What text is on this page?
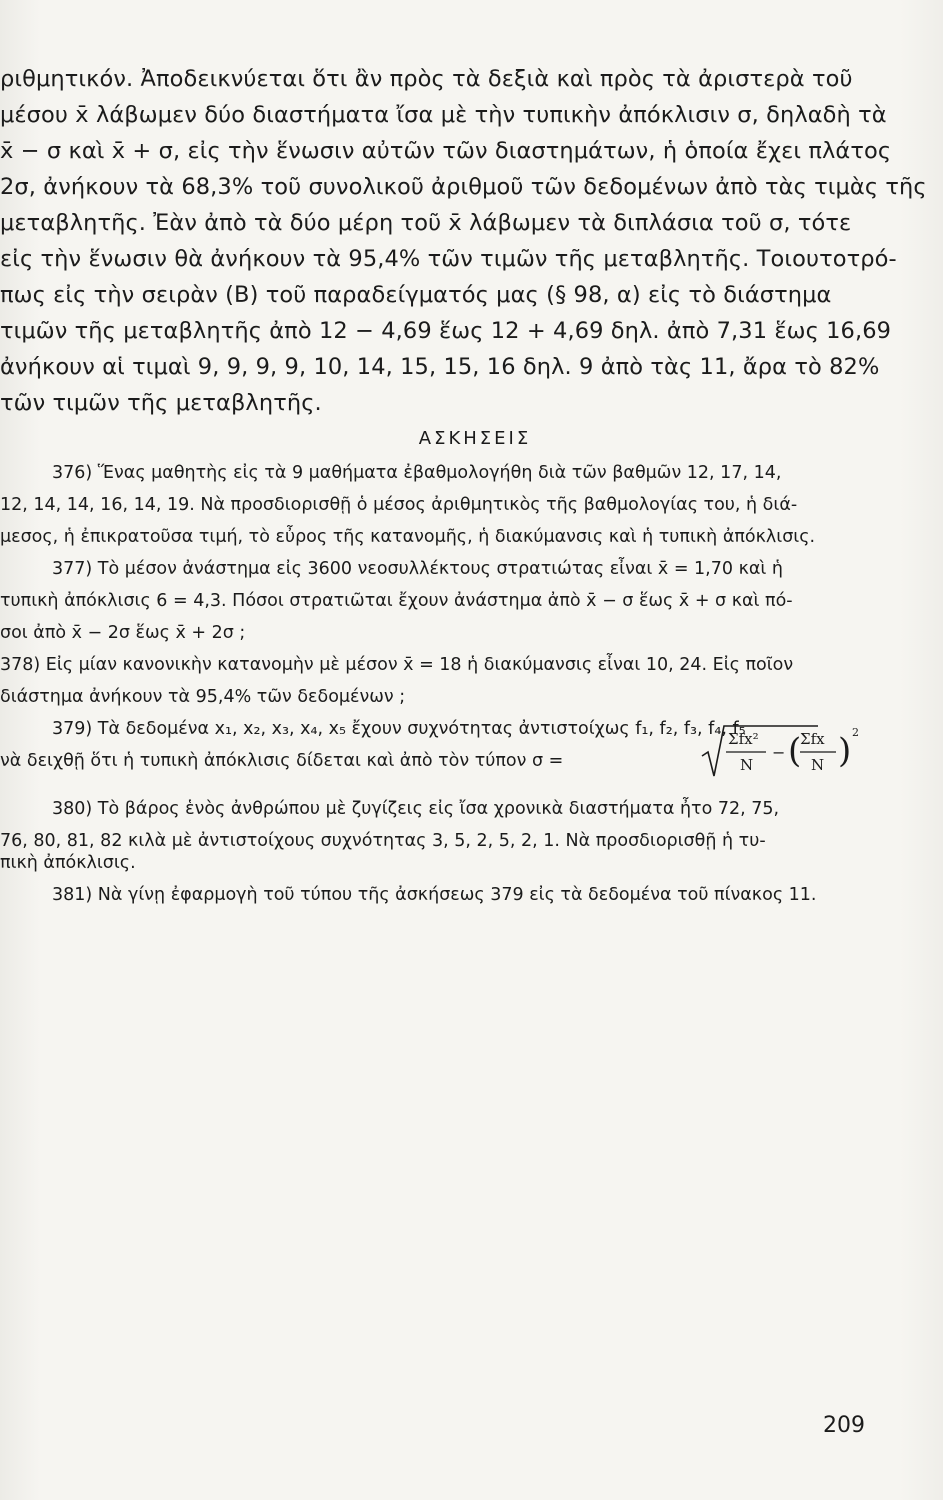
ριθμητικόν. Ἀποδεικνύεται ὅτι ἂν πρὸς τὰ δεξιὰ καὶ πρὸς τὰ ἀριστερὰ τοῦ
μέσου x̄ λάβωμεν δύο διαστήματα ἴσα μὲ τὴν τυπικὴν ἀπόκλισιν σ, δηλαδὴ τὰ
x̄ − σ καὶ x̄ + σ, εἰς τὴν ἕνωσιν αὐτῶν τῶν διαστημάτων, ἡ ὁποία ἔχει πλάτος
2σ, ἀνήκουν τὰ 68,3% τοῦ συνολικοῦ ἀριθμοῦ τῶν δεδομένων ἀπὸ τὰς τιμὰς τῆς
μεταβλητῆς. Ἐὰν ἀπὸ τὰ δύο μέρη τοῦ x̄ λάβωμεν τὰ διπλάσια τοῦ σ, τότε
εἰς τὴν ἕνωσιν θὰ ἀνήκουν τὰ 95,4% τῶν τιμῶν τῆς μεταβλητῆς. Τοιουτοτρό-
πως εἰς τὴν σειρὰν (Β) τοῦ παραδείγματός μας (§ 98, α) εἰς τὸ διάστημα
τιμῶν τῆς μεταβλητῆς ἀπὸ 12 − 4,69 ἕως 12 + 4,69 δηλ. ἀπὸ 7,31 ἕως 16,69
ἀνήκουν αἱ τιμαὶ 9, 9, 9, 9, 10, 14, 15, 15, 16 δηλ. 9 ἀπὸ τὰς 11, ἄρα τὸ 82%
τῶν τιμῶν τῆς μεταβλητῆς.
ΑΣΚΗΣΕΙΣ
376) Ἕνας μαθητὴς εἰς τὰ 9 μαθήματα ἐβαθμολογήθη διὰ τῶν βαθμῶν 12, 17, 14,
12, 14, 14, 16, 14, 19. Νὰ προσδιορισθῇ ὁ μέσος ἀριθμητικὸς τῆς βαθμολογίας του, ἡ διά-
μεσος, ἡ ἐπικρατοῦσα τιμή, τὸ εὖρος τῆς κατανομῆς, ἡ διακύμανσις καὶ ἡ τυπικὴ ἀπόκλισις.
377) Τὸ μέσον ἀνάστημα εἰς 3600 νεοσυλλέκτους στρατιώτας εἶναι x̄ = 1,70 καὶ ἡ
τυπικὴ ἀπόκλισις 6 = 4,3. Πόσοι στρατιῶται ἔχουν ἀνάστημα ἀπὸ x̄ − σ ἕως x̄ + σ καὶ πό-
σοι ἀπὸ x̄ − 2σ ἕως x̄ + 2σ ;
378) Εἰς μίαν κανονικὴν κατανομὴν μὲ μέσον x̄ = 18 ἡ διακύμανσις εἶναι 10, 24. Εἰς ποῖον
διάστημα ἀνήκουν τὰ 95,4% τῶν δεδομένων ;
379) Τὰ δεδομένα x₁, x₂, x₃, x₄, x₅ ἔχουν συχνότητας ἀντιστοίχως f₁, f₂, f₃, f₄, f₅
νὰ δειχθῇ ὅτι ἡ τυπικὴ ἀπόκλισις δίδεται καὶ ἀπὸ τὸν τύπον σ =
380) Τὸ βάρος ἑνὸς ἀνθρώπου μὲ ζυγίζεις εἰς ἴσα χρονικὰ διαστήματα ἦτο 72, 75,
76, 80, 81, 82 κιλὰ μὲ ἀντιστοίχους συχνότητας 3, 5, 2, 5, 2, 1. Νὰ προσδιορισθῇ ἡ τυ-
πικὴ ἀπόκλισις.
381) Νὰ γίνῃ ἐφαρμογὴ τοῦ τύπου τῆς ἀσκήσεως 379 εἰς τὰ δεδομένα τοῦ πίνακος 11.
Σfx²
N
− (
Σfx
N ) 2
209
